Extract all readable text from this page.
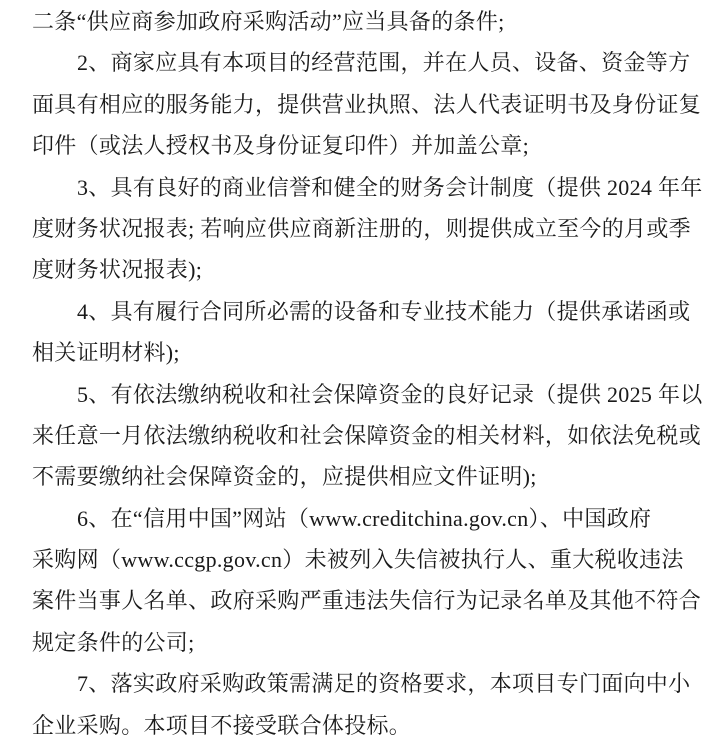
二条“供应商参加政府采购活动”应当具备的条件;
2、商家应具有本项目的经营范围，并在人员、设备、资金等方
面具有相应的服务能力，提供营业执照、法人代表证明书及身份证复
印件（或法人授权书及身份证复印件）并加盖公章;
3、具有良好的商业信誉和健全的财务会计制度（提供 2024 年年
度财务状况报表; 若响应供应商新注册的，则提供成立至今的月或季
度财务状况报表);
4、具有履行合同所必需的设备和专业技术能力（提供承诺函或
相关证明材料);
5、有依法缴纳税收和社会保障资金的良好记录（提供 2025 年以
来任意一月依法缴纳税收和社会保障资金的相关材料，如依法免税或
不需要缴纳社会保障资金的，应提供相应文件证明);
6、在“信用中国”网站（www.creditchina.gov.cn）、中国政府
采购网（www.ccgp.gov.cn）未被列入失信被执行人、重大税收违法
案件当事人名单、政府采购严重违法失信行为记录名单及其他不符合
规定条件的公司;
7、落实政府采购政策需满足的资格要求，本项目专门面向中小
企业采购。本项目不接受联合体投标。
